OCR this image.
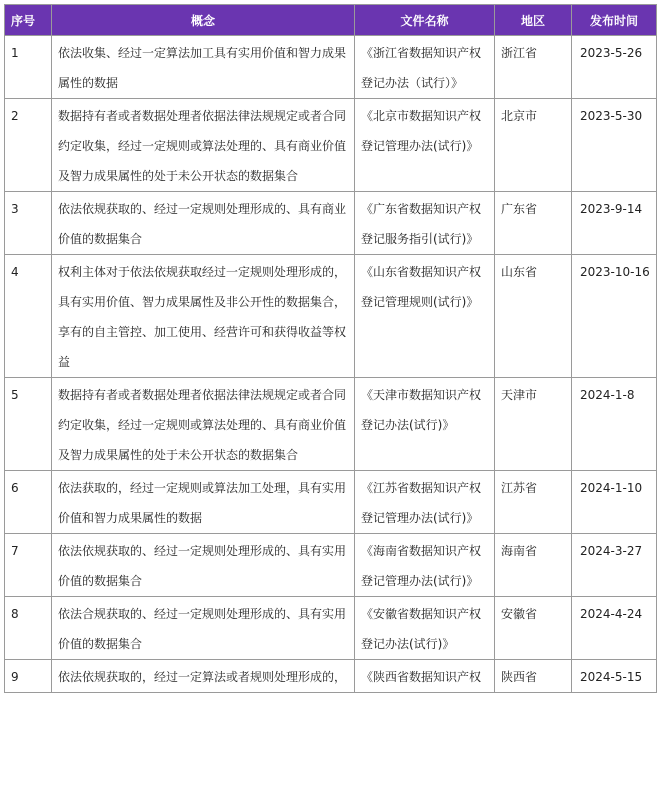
序号	概念	文件名称	地区	发布时间
1	依法收集、经过一定算法加工具有实用价值和智力成果属性的数据	《浙江省数据知识产权登记办法（试行）》	浙江省	2023-5-26
2	数据持有者或者数据处理者依据法律法规规定或者合同约定收集，经过一定规则或算法处理的、具有商业价值及智力成果属性的处于未公开状态的数据集合	《北京市数据知识产权登记管理办法(试行)》	北京市	2023-5-30
3	依法依规获取的、经过一定规则处理形成的、具有商业价值的数据集合	《广东省数据知识产权登记服务指引(试行)》	广东省	2023-9-14
4	权利主体对于依法依规获取经过一定规则处理形成的，具有实用价值、智力成果属性及非公开性的数据集合，享有的自主管控、加工使用、经营许可和获得收益等权益	《山东省数据知识产权登记管理规则(试行)》	山东省	2023-10-16
5	数据持有者或者数据处理者依据法律法规规定或者合同约定收集，经过一定规则或算法处理的、具有商业价值及智力成果属性的处于未公开状态的数据集合	《天津市数据知识产权登记办法(试行)》	天津市	2024-1-8
6	依法获取的，经过一定规则或算法加工处理，具有实用价值和智力成果属性的数据	《江苏省数据知识产权登记管理办法(试行)》	江苏省	2024-1-10
7	依法依规获取的、经过一定规则处理形成的、具有实用价值的数据集合	《海南省数据知识产权登记管理办法(试行)》	海南省	2024-3-27
8	依法合规获取的、经过一定规则处理形成的、具有实用价值的数据集合	《安徽省数据知识产权登记办法(试行)》	安徽省	2024-4-24
9	依法依规获取的，经过一定算法或者规则处理形成的，	《陕西省数据知识产权	陕西省	2024-5-15
